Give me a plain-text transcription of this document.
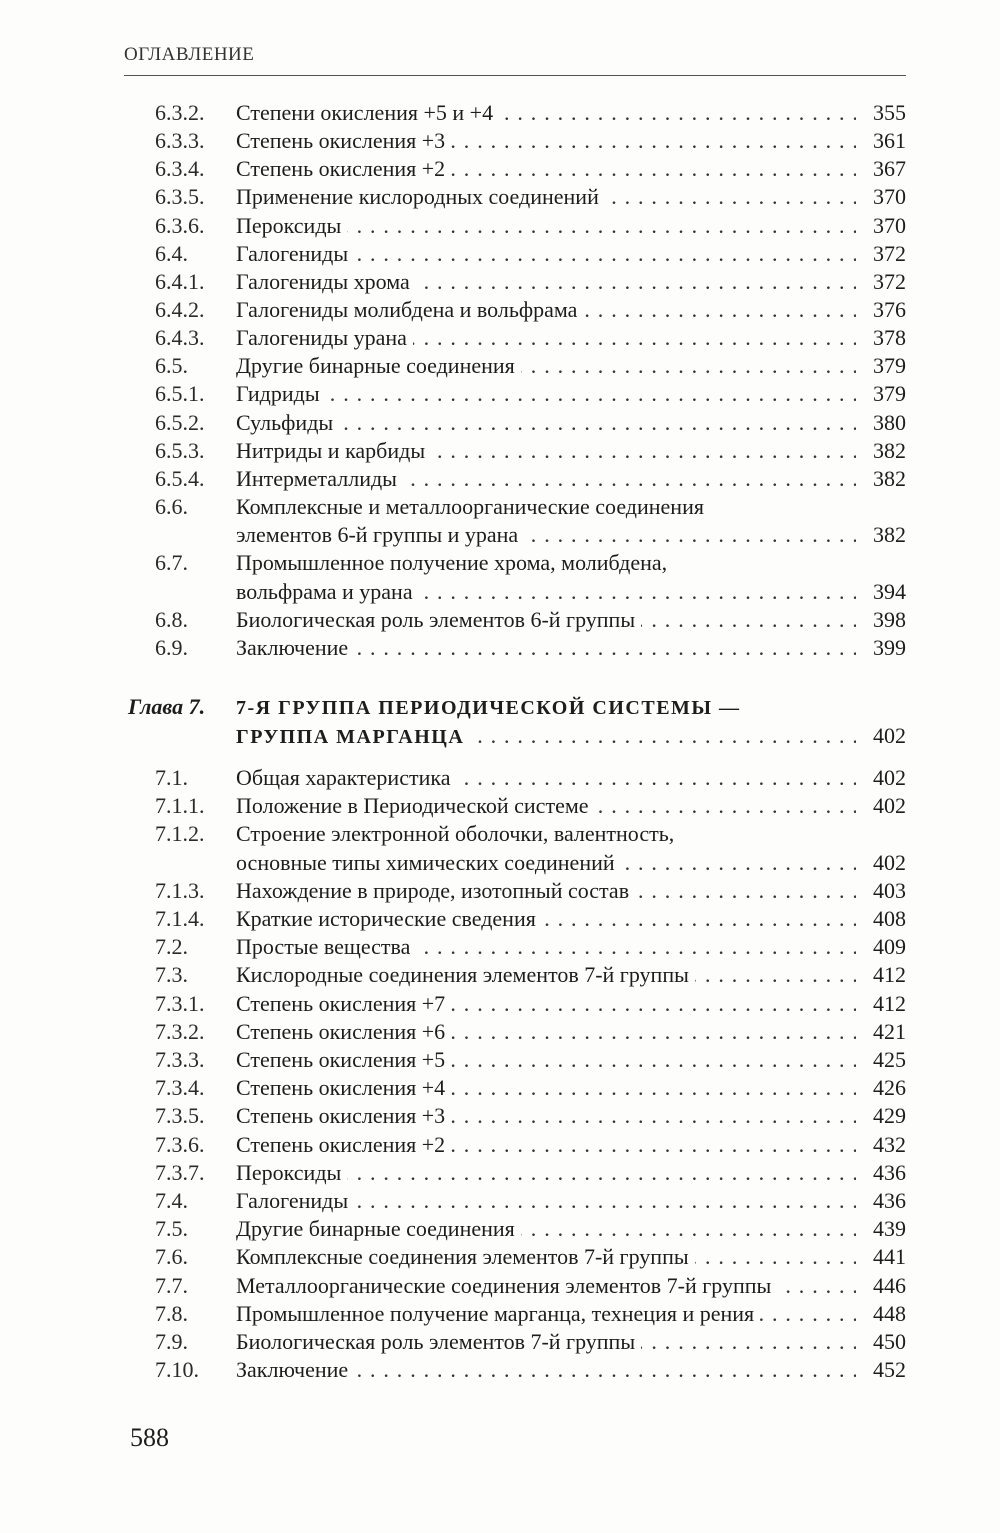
ОГЛАВЛЕНИЕ
6.3.2. Степени окисления +5 и +4 . . .	355
6.3.3. Степень окисления +3 . . .	361
6.3.4. Степень окисления +2 . . .	367
6.3.5. Применение кислородных соединений . . .	370
6.3.6. Пероксиды . . .	370
6.4. Галогениды . . .	372
6.4.1. Галогениды хрома . . .	372
6.4.2. Галогениды молибдена и вольфрама . . .	376
6.4.3. Галогениды урана . . .	378
6.5. Другие бинарные соединения . . .	379
6.5.1. Гидриды . . .	379
6.5.2. Сульфиды . . .	380
6.5.3. Нитриды и карбиды . . .	382
6.5.4. Интерметаллиды . . .	382
6.6. Комплексные и металлоорганические соединения
элементов 6-й группы и урана . . .	382
6.7. Промышленное получение хрома, молибдена,
вольфрама и урана . . .	394
6.8. Биологическая роль элементов 6-й группы . . .	398
6.9. Заключение . . .	399
Глава 7. 7-Я ГРУППА ПЕРИОДИЧЕСКОЙ СИСТЕМЫ —
ГРУППА МАРГАНЦА . . .	402
7.1. Общая характеристика . . .	402
7.1.1. Положение в Периодической системе . . .	402
7.1.2. Строение электронной оболочки, валентность,
основные типы химических соединений . . .	402
7.1.3. Нахождение в природе, изотопный состав . . .	403
7.1.4. Краткие исторические сведения . . .	408
7.2. Простые вещества . . .	409
7.3. Кислородные соединения элементов 7-й группы . . .	412
7.3.1. Степень окисления +7 . . .	412
7.3.2. Степень окисления +6 . . .	421
7.3.3. Степень окисления +5 . . .	425
7.3.4. Степень окисления +4 . . .	426
7.3.5. Степень окисления +3 . . .	429
7.3.6. Степень окисления +2 . . .	432
7.3.7. Пероксиды . . .	436
7.4. Галогениды . . .	436
7.5. Другие бинарные соединения . . .	439
7.6. Комплексные соединения элементов 7-й группы . . .	441
7.7. Металлоорганические соединения элементов 7-й группы . . .	446
7.8. Промышленное получение марганца, технеция и рения . . .	448
7.9. Биологическая роль элементов 7-й группы . . .	450
7.10. Заключение . . .	452
588
